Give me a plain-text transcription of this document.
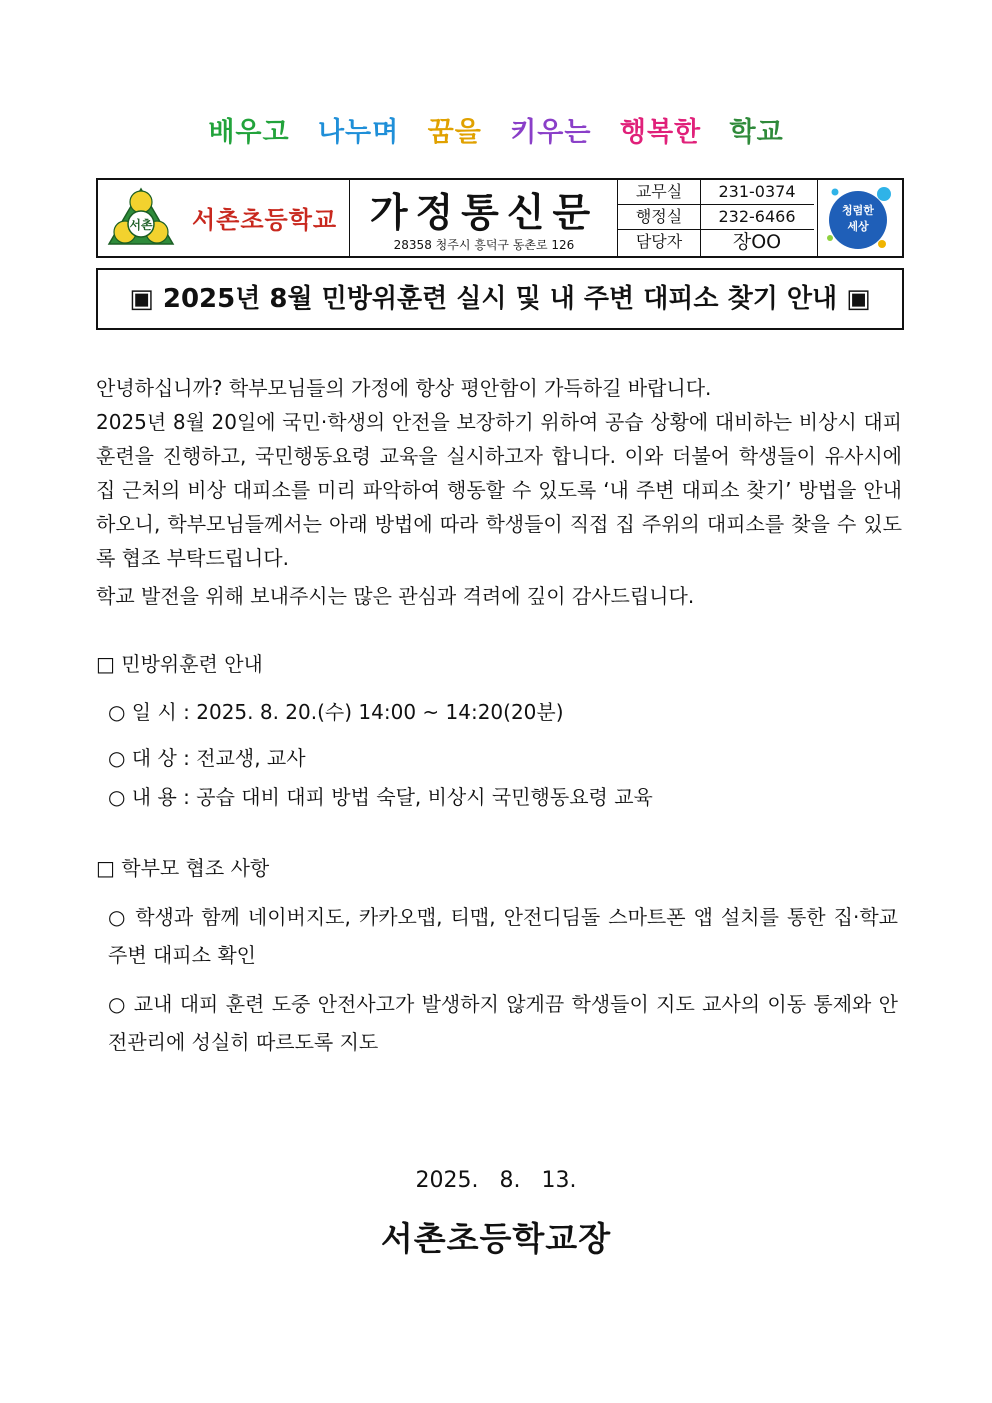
배우고 나누며 꿈을 키우는 행복한 학교
서촌 서촌초등학교 가정통신문
28358 청주시 흥덕구 동촌로 126
교무실	231-0374
행정실	232-6466
담당자	장OO
청렴한
세상
▣ 2025년 8월 민방위훈련 실시 및 내 주변 대피소 찾기 안내 ▣
안녕하십니까? 학부모님들의 가정에 항상 평안함이 가득하길 바랍니다.
2025년 8월 20일에 국민·학생의 안전을 보장하기 위하여 공습 상황에 대비하는 비상시 대피 훈련을 진행하고, 국민행동요령 교육을 실시하고자 합니다. 이와 더불어 학생들이 유사시에 집 근처의 비상 대피소를 미리 파악하여 행동할 수 있도록 ‘내 주변 대피소 찾기’ 방법을 안내하오니, 학부모님들께서는 아래 방법에 따라 학생들이 직접 집 주위의 대피소를 찾을 수 있도록 협조 부탁드립니다.
학교 발전을 위해 보내주시는 많은 관심과 격려에 깊이 감사드립니다.
□ 민방위훈련 안내
○ 일 시 : 2025. 8. 20.(수) 14:00 ~ 14:20(20분)
○ 대 상 : 전교생, 교사
○ 내 용 : 공습 대비 대피 방법 숙달, 비상시 국민행동요령 교육
□ 학부모 협조 사항
○ 학생과 함께 네이버지도, 카카오맵, 티맵, 안전디딤돌 스마트폰 앱 설치를 통한 집·학교 주변 대피소 확인
○ 교내 대피 훈련 도중 안전사고가 발생하지 않게끔 학생들이 지도 교사의 이동 통제와 안전관리에 성실히 따르도록 지도
2025. 8. 13.
서촌초등학교장
